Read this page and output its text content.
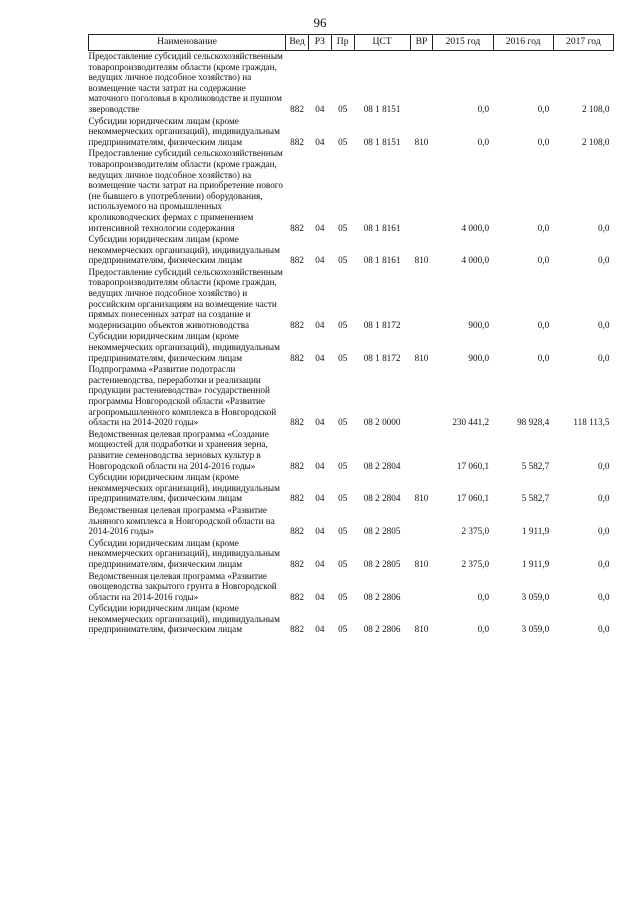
96
Наименование	Вед	РЗ	Пр	ЦСТ	ВР	2015 год	2016 год	2017 год
Предоставление субсидий сельскохозяйственным товаропроизводителям области (кроме граждан, ведущих личное подсобное хозяйство) на возмещение части затрат на содержание маточного поголовья в кролиководстве и пушном звероводстве	882	04	05	08 1 8151		0,0	0,0	2 108,0
Субсидии юридическим лицам (кроме некоммерческих организаций), индивидуальным предпринимателям, физическим лицам	882	04	05	08 1 8151	810	0,0	0,0	2 108,0
Предоставление субсидий сельскохозяйственным товаропроизводителям области (кроме граждан, ведущих личное подсобное хозяйство) на возмещение части затрат на приобретение нового (не бывшего в употреблении) оборудования, используемого на промышленных кролиководческих фермах с применением интенсивной технологии содержания	882	04	05	08 1 8161		4 000,0	0,0	0,0
Субсидии юридическим лицам (кроме некоммерческих организаций), индивидуальным предпринимателям, физическим лицам	882	04	05	08 1 8161	810	4 000,0	0,0	0,0
Предоставление субсидий сельскохозяйственным товаропроизводителям области (кроме граждан, ведущих личное подсобное хозяйство) и российским организациям на возмещение части прямых понесенных затрат на создание и модернизацию объектов животноводства	882	04	05	08 1 8172		900,0	0,0	0,0
Субсидии юридическим лицам (кроме некоммерческих организаций), индивидуальным предпринимателям, физическим лицам	882	04	05	08 1 8172	810	900,0	0,0	0,0
Подпрограмма «Развитие подотрасли растениеводства, переработки и реализации продукции растениеводства» государственной программы Новгородской области «Развитие агропромышленного комплекса в Новгородской области на 2014-2020 годы»	882	04	05	08 2 0000		230 441,2	98 928,4	118 113,5
Ведомственная целевая программа «Создание мощностей для подработки и хранения зерна, развитие семеноводства зерновых культур в Новгородской области на 2014-2016 годы»	882	04	05	08 2 2804		17 060,1	5 582,7	0,0
Субсидии юридическим лицам (кроме некоммерческих организаций), индивидуальным предпринимателям, физическим лицам	882	04	05	08 2 2804	810	17 060,1	5 582,7	0,0
Ведомственная целевая программа «Развитие льняного комплекса в Новгородской области на 2014-2016 годы»	882	04	05	08 2 2805		2 375,0	1 911,9	0,0
Субсидии юридическим лицам (кроме некоммерческих организаций), индивидуальным предпринимателям, физическим лицам	882	04	05	08 2 2805	810	2 375,0	1 911,9	0,0
Ведомственная целевая программа «Развитие овощеводства закрытого грунта в Новгородской области на 2014-2016 годы»	882	04	05	08 2 2806		0,0	3 059,0	0,0
Субсидии юридическим лицам (кроме некоммерческих организаций), индивидуальным предпринимателям, физическим лицам	882	04	05	08 2 2806	810	0,0	3 059,0	0,0
